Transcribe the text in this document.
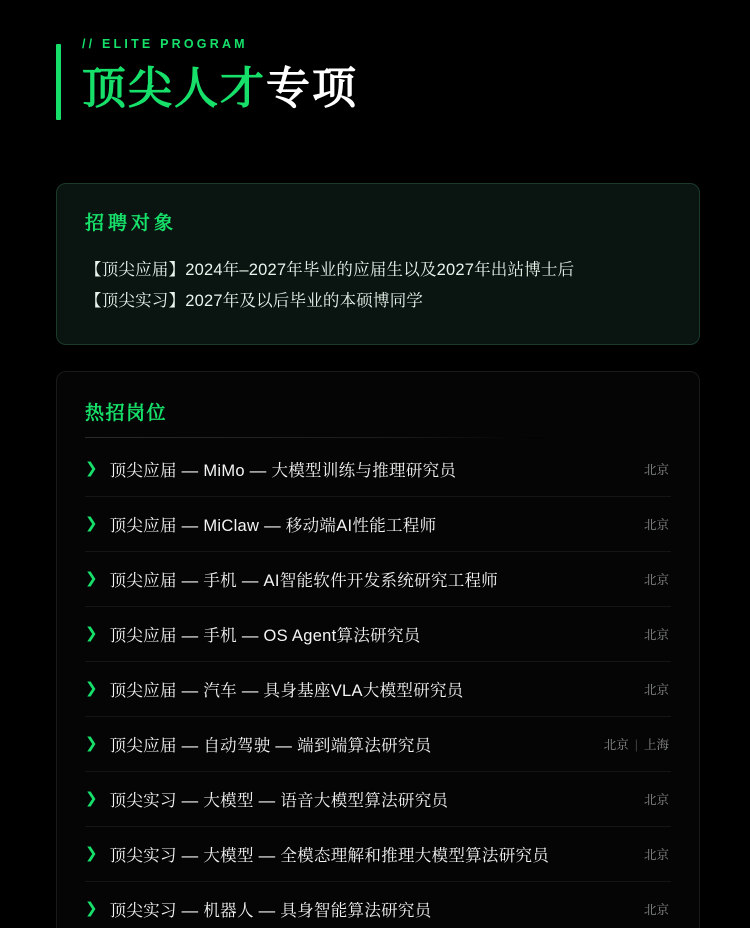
// ELITE PROGRAM
顶尖人才专项
招聘对象
【顶尖应届】2024年–2027年毕业的应届生以及2027年出站博士后
【顶尖实习】2027年及以后毕业的本硕博同学
热招岗位
❯ 顶尖应届 — MiMo — 大模型训练与推理研究员	北京
❯ 顶尖应届 — MiClaw — 移动端AI性能工程师	北京
❯ 顶尖应届 — 手机 — AI智能软件开发系统研究工程师	北京
❯ 顶尖应届 — 手机 — OS Agent算法研究员	北京
❯ 顶尖应届 — 汽车 — 具身基座VLA大模型研究员	北京
❯ 顶尖应届 — 自动驾驶 — 端到端算法研究员	北京 | 上海
❯ 顶尖实习 — 大模型 — 语音大模型算法研究员	北京
❯ 顶尖实习 — 大模型 — 全模态理解和推理大模型算法研究员	北京
❯ 顶尖实习 — 机器人 — 具身智能算法研究员	北京
